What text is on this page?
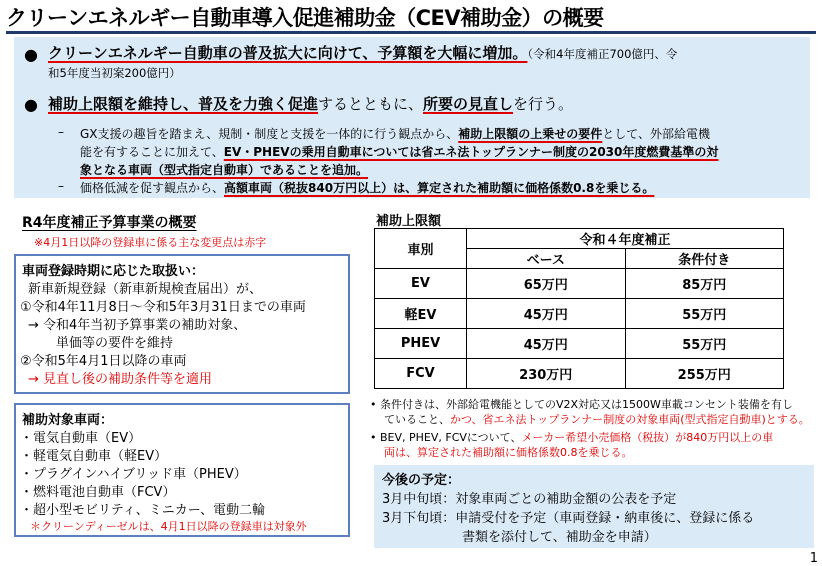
クリーンエネルギー自動車導入促進補助金（CEV補助金）の概要
● クリーンエネルギー自動車の普及拡大に向けて、予算額を大幅に増加。（令和4年度補正700億円、令
和5年度当初案200億円）
● 補助上限額を維持し、普及を力強く促進するとともに、所要の見直しを行う。
– GX支援の趣旨を踏まえ、規制・制度と支援を一体的に行う観点から、補助上限額の上乗せの要件として、外部給電機
能を有することに加えて、EV・PHEVの乗用自動車については省エネ法トップランナー制度の2030年度燃費基準の対
象となる車両（型式指定自動車）であることを追加。
– 価格低減を促す観点から、高額車両（税抜840万円以上）は、算定された補助額に価格係数0.8を乗じる。
R4年度補正予算事業の概要
※4月1日以降の登録車に係る主な変更点は赤字
車両登録時期に応じた取扱い：
新車新規登録（新車新規検査届出）が、
①令和4年11月8日～令和5年3月31日までの車両
→ 令和4年当初予算事業の補助対象、
単価等の要件を維持
②令和5年4月1日以降の車両
→ 見直し後の補助条件等を適用
補助対象車両：
・電気自動車（EV）
・軽電気自動車（軽EV）
・プラグインハイブリッド車（PHEV）
・燃料電池自動車（FCV）
・超小型モビリティ、ミニカー、電動二輪
＊クリーンディーゼルは、4月1日以降の登録車は対象外
補助上限額
車別	令和４年度補正	
	ベース	条件付き
EV	65万円	85万円
軽EV	45万円	55万円
PHEV	45万円	55万円
FCV	230万円	255万円
• 条件付きは、外部給電機能としてのV2X対応又は1500W車載コンセント装備を有し
ていること、かつ、省エネ法トップランナー制度の対象車両(型式指定自動車)とする。
• BEV, PHEV, FCVについて、メーカー希望小売価格（税抜）が840万円以上の車
両は、算定された補助額に価格係数0.8を乗じる。
今後の予定：
3月中旬頃：対象車両ごとの補助金額の公表を予定
3月下旬頃：申請受付を予定（車両登録・納車後に、登録に係る
書類を添付して、補助金を申請）
1
